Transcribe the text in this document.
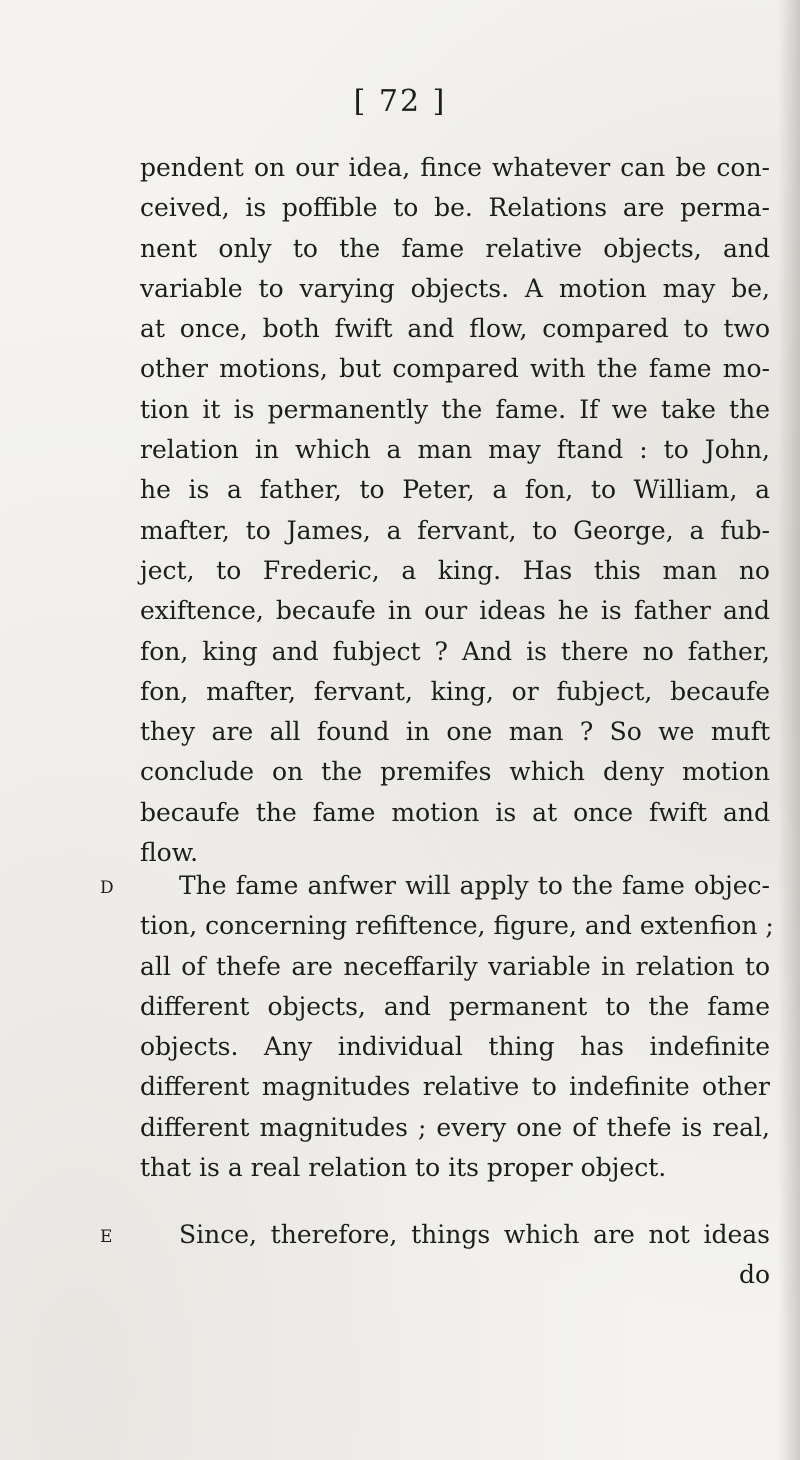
[ 72 ]
pendent on our idea, fince whatever can be con-
ceived, is poffible to be. Relations are perma-
nent only to the fame relative objects, and
variable to varying objects. A motion may be,
at once, both fwift and flow, compared to two
other motions, but compared with the fame mo-
tion it is permanently the fame. If we take the
relation in which a man may ftand : to John,
he is a father, to Peter, a fon, to William, a
mafter, to James, a fervant, to George, a fub-
ject, to Frederic, a king. Has this man no
exiftence, becaufe in our ideas he is father and
fon, king and fubject ? And is there no father,
fon, mafter, fervant, king, or fubject, becaufe
they are all found in one man ? So we muft
conclude on the premifes which deny motion
becaufe the fame motion is at once fwift and
flow.
D	The fame anfwer will apply to the fame objec-
tion, concerning refiftence, figure, and extenfion ;
all of thefe are neceffarily variable in relation to
different objects, and permanent to the fame
objects. Any individual thing has indefinite
different magnitudes relative to indefinite other
different magnitudes ; every one of thefe is real,
that is a real relation to its proper object.
E	Since, therefore, things which are not ideas
do
